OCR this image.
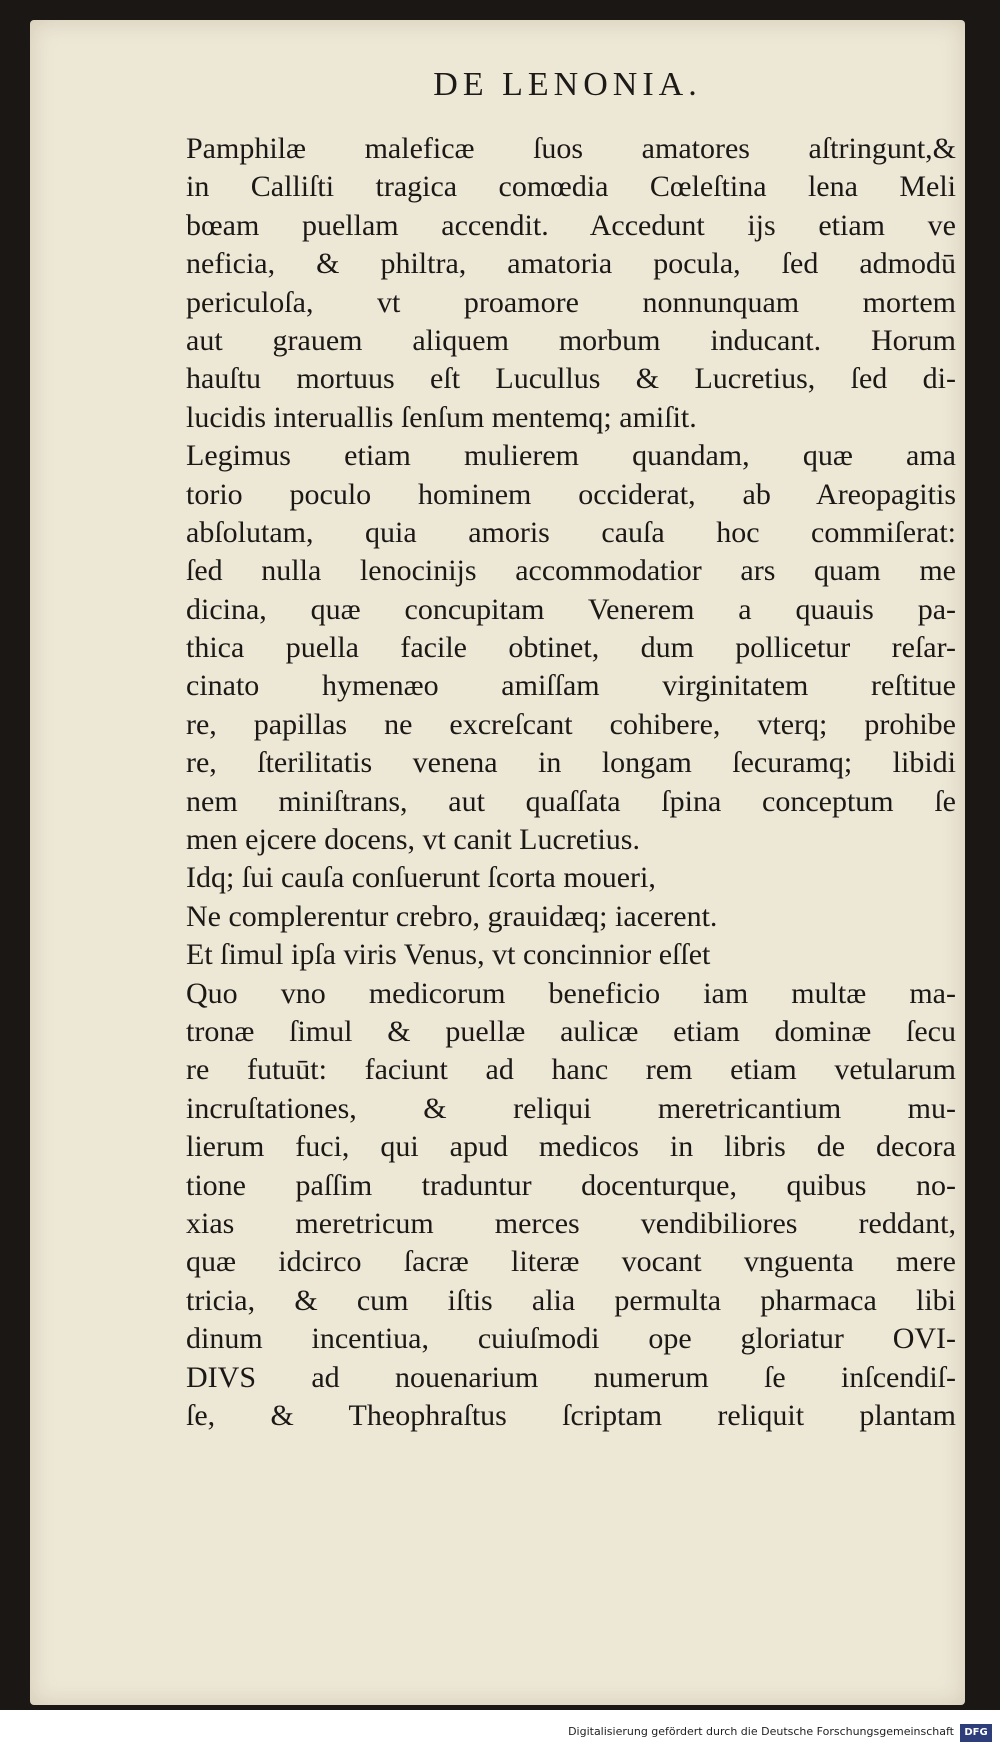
DE LENONIA.
Pamphilæ maleficæ ſuos amatores aſtringunt,&
in Calliſti tragica comœdia Cœleſtina lena Meli
bœam puellam accendit. Accedunt ijs etiam ve
neficia, & philtra, amatoria pocula, ſed admodū
periculoſa, vt proamore nonnunquam mortem
aut grauem aliquem morbum inducant. Horum
hauſtu mortuus eſt Lucullus & Lucretius, ſed di-
lucidis interuallis ſenſum mentemq; amiſit.
Legimus etiam mulierem quandam, quæ ama
torio poculo hominem occiderat, ab Areopagitis
abſolutam, quia amoris cauſa hoc commiſerat:
ſed nulla lenocinijs accommodatior ars quam me
dicina, quæ concupitam Venerem a quauis pa-
thica puella facile obtinet, dum pollicetur reſar-
cinato hymenæo amiſſam virginitatem reſtitue
re, papillas ne excreſcant cohibere, vterq; prohibe
re, ſterilitatis venena in longam ſecuramq; libidi
nem miniſtrans, aut quaſſata ſpina conceptum ſe
men ejcere docens, vt canit Lucretius.
Idq; ſui cauſa conſuerunt ſcorta moueri,
Ne complerentur crebro, grauidæq; iacerent.
Et ſimul ipſa viris Venus, vt concinnior eſſet
Quo vno medicorum beneficio iam multæ ma-
tronæ ſimul & puellæ aulicæ etiam dominæ ſecu
re futuūt: faciunt ad hanc rem etiam vetularum
incruſtationes, & reliqui meretricantium mu-
lierum fuci, qui apud medicos in libris de decora
tione paſſim traduntur docenturque, quibus no-
xias meretricum merces vendibiliores reddant,
quæ idcirco ſacræ literæ vocant vnguenta mere
tricia, & cum iſtis alia permulta pharmaca libi
dinum incentiua, cuiuſmodi ope gloriatur OVI-
DIVS ad nouenarium numerum ſe inſcendiſ-
ſe, & Theophraſtus ſcriptam reliquit plantam
Digitalisierung gefördert durch die Deutsche Forschungsgemeinschaft	DFG
